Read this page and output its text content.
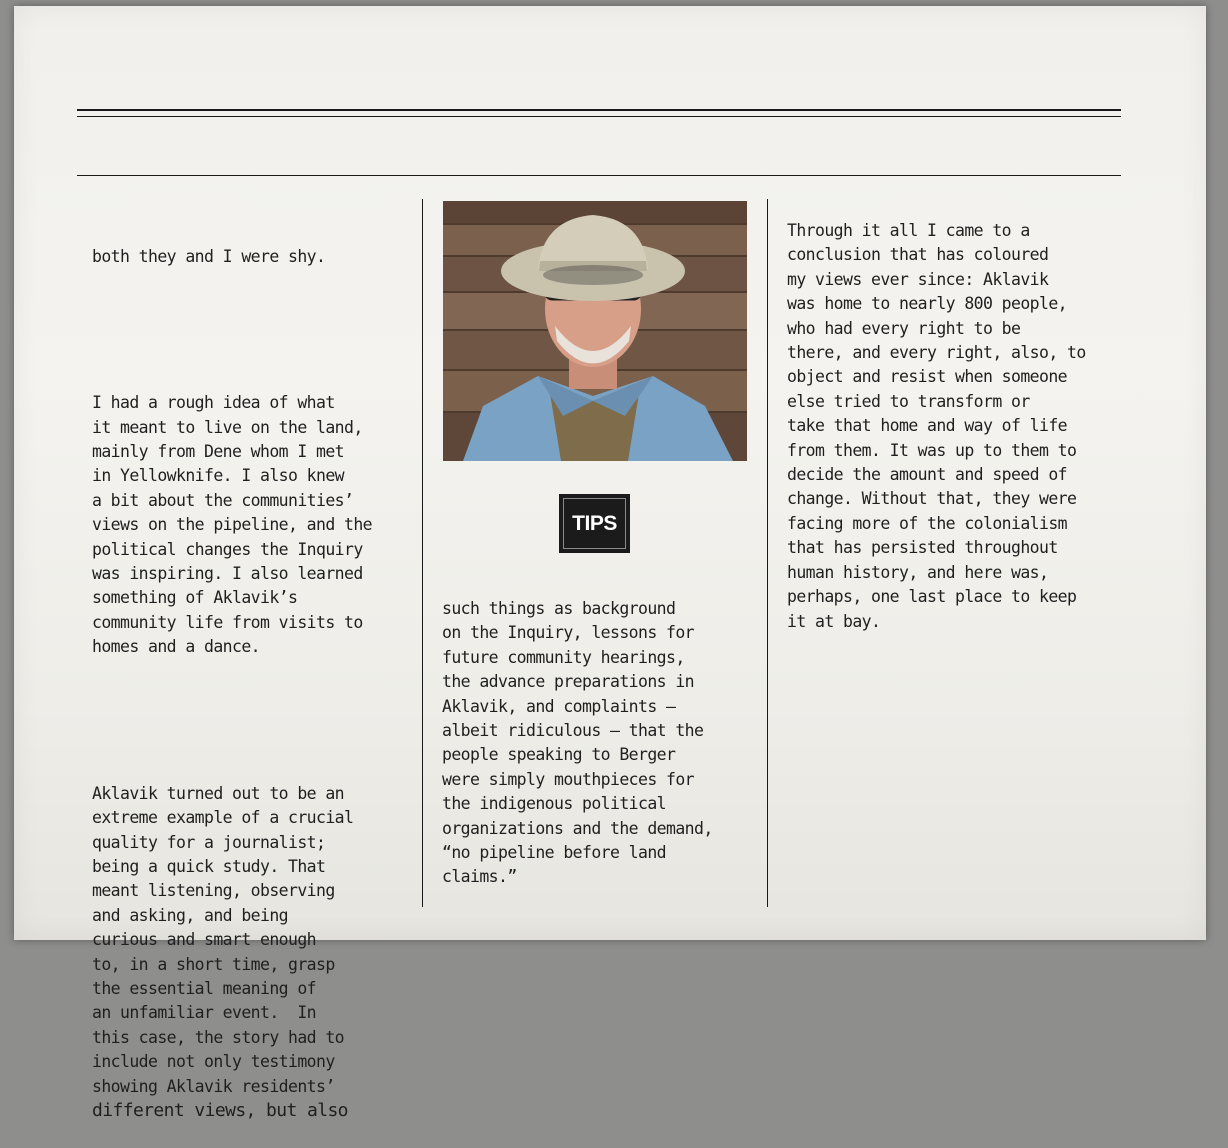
both they and I were shy.

I had a rough idea of what
it meant to live on the land,
mainly from Dene whom I met
in Yellowknife. I also knew
a bit about the communities’
views on the pipeline, and the
political changes the Inquiry
was inspiring. I also learned
something of Aklavik’s
community life from visits to
homes and a dance.

Aklavik turned out to be an
extreme example of a crucial
quality for a journalist;
being a quick study. That
meant listening, observing
and asking, and being
curious and smart enough
to, in a short time, grasp
the essential meaning of
an unfamiliar event.  In
this case, the story had to
include not only testimony
showing Aklavik residents’
different views, but also

TIPS
such things as background
on the Inquiry, lessons for
future community hearings,
the advance preparations in
Aklavik, and complaints —
albeit ridiculous — that the
people speaking to Berger
were simply mouthpieces for
the indigenous political
organizations and the demand,
“no pipeline before land
claims.”
Through it all I came to a
conclusion that has coloured
my views ever since: Aklavik
was home to nearly 800 people,
who had every right to be
there, and every right, also, to
object and resist when someone
else tried to transform or
take that home and way of life
from them. It was up to them to
decide the amount and speed of
change. Without that, they were
facing more of the colonialism
that has persisted throughout
human history, and here was,
perhaps, one last place to keep
it at bay.
